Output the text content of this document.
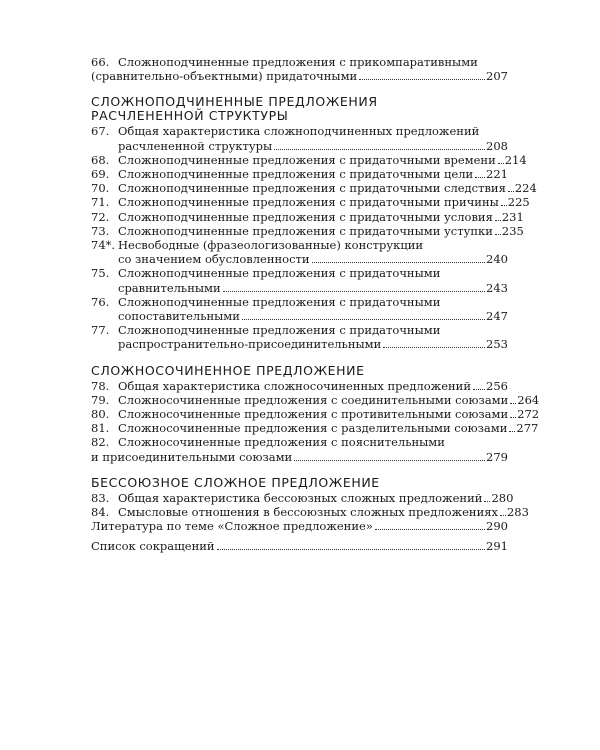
66. Сложноподчиненные предложения с прикомпаративными
(сравнительно-объектными) придаточными	207
СЛОЖНОПОДЧИНЕННЫЕ ПРЕДЛОЖЕНИЯ
РАСЧЛЕНЕННОЙ СТРУКТУРЫ
67. Общая характеристика сложноподчиненных предложений
расчлененной структуры	208
68. Сложноподчиненные предложения с придаточными времени 214
69. Сложноподчиненные предложения с придаточными цели 221
70. Сложноподчиненные предложения с придаточными следствия 224
71. Сложноподчиненные предложения с придаточными причины 225
72. Сложноподчиненные предложения с придаточными условия 231
73. Сложноподчиненные предложения с придаточными уступки 235
74*. Несвободные (фразеологизованные) конструкции
со значением обусловленности	240
75. Сложноподчиненные предложения с придаточными
сравнительными	243
76. Сложноподчиненные предложения с придаточными
сопоставительными	247
77. Сложноподчиненные предложения с придаточными
распространительно-присоединительными	253
СЛОЖНОСОЧИНЕННОЕ ПРЕДЛОЖЕНИЕ
78. Общая характеристика сложносочиненных предложений 256
79. Сложносочиненные предложения с соединительными союзами 264
80. Сложносочиненные предложения с противительными союзами 272
81. Сложносочиненные предложения с разделительными союзами 277
82. Сложносочиненные предложения с пояснительными
и присоединительными союзами	279
БЕССОЮЗНОЕ СЛОЖНОЕ ПРЕДЛОЖЕНИЕ
83. Общая характеристика бессоюзных сложных предложений 280
84. Смысловые отношения в бессоюзных сложных предложениях 283
Литература по теме «Сложное предложение»	290
Список сокращений	291
